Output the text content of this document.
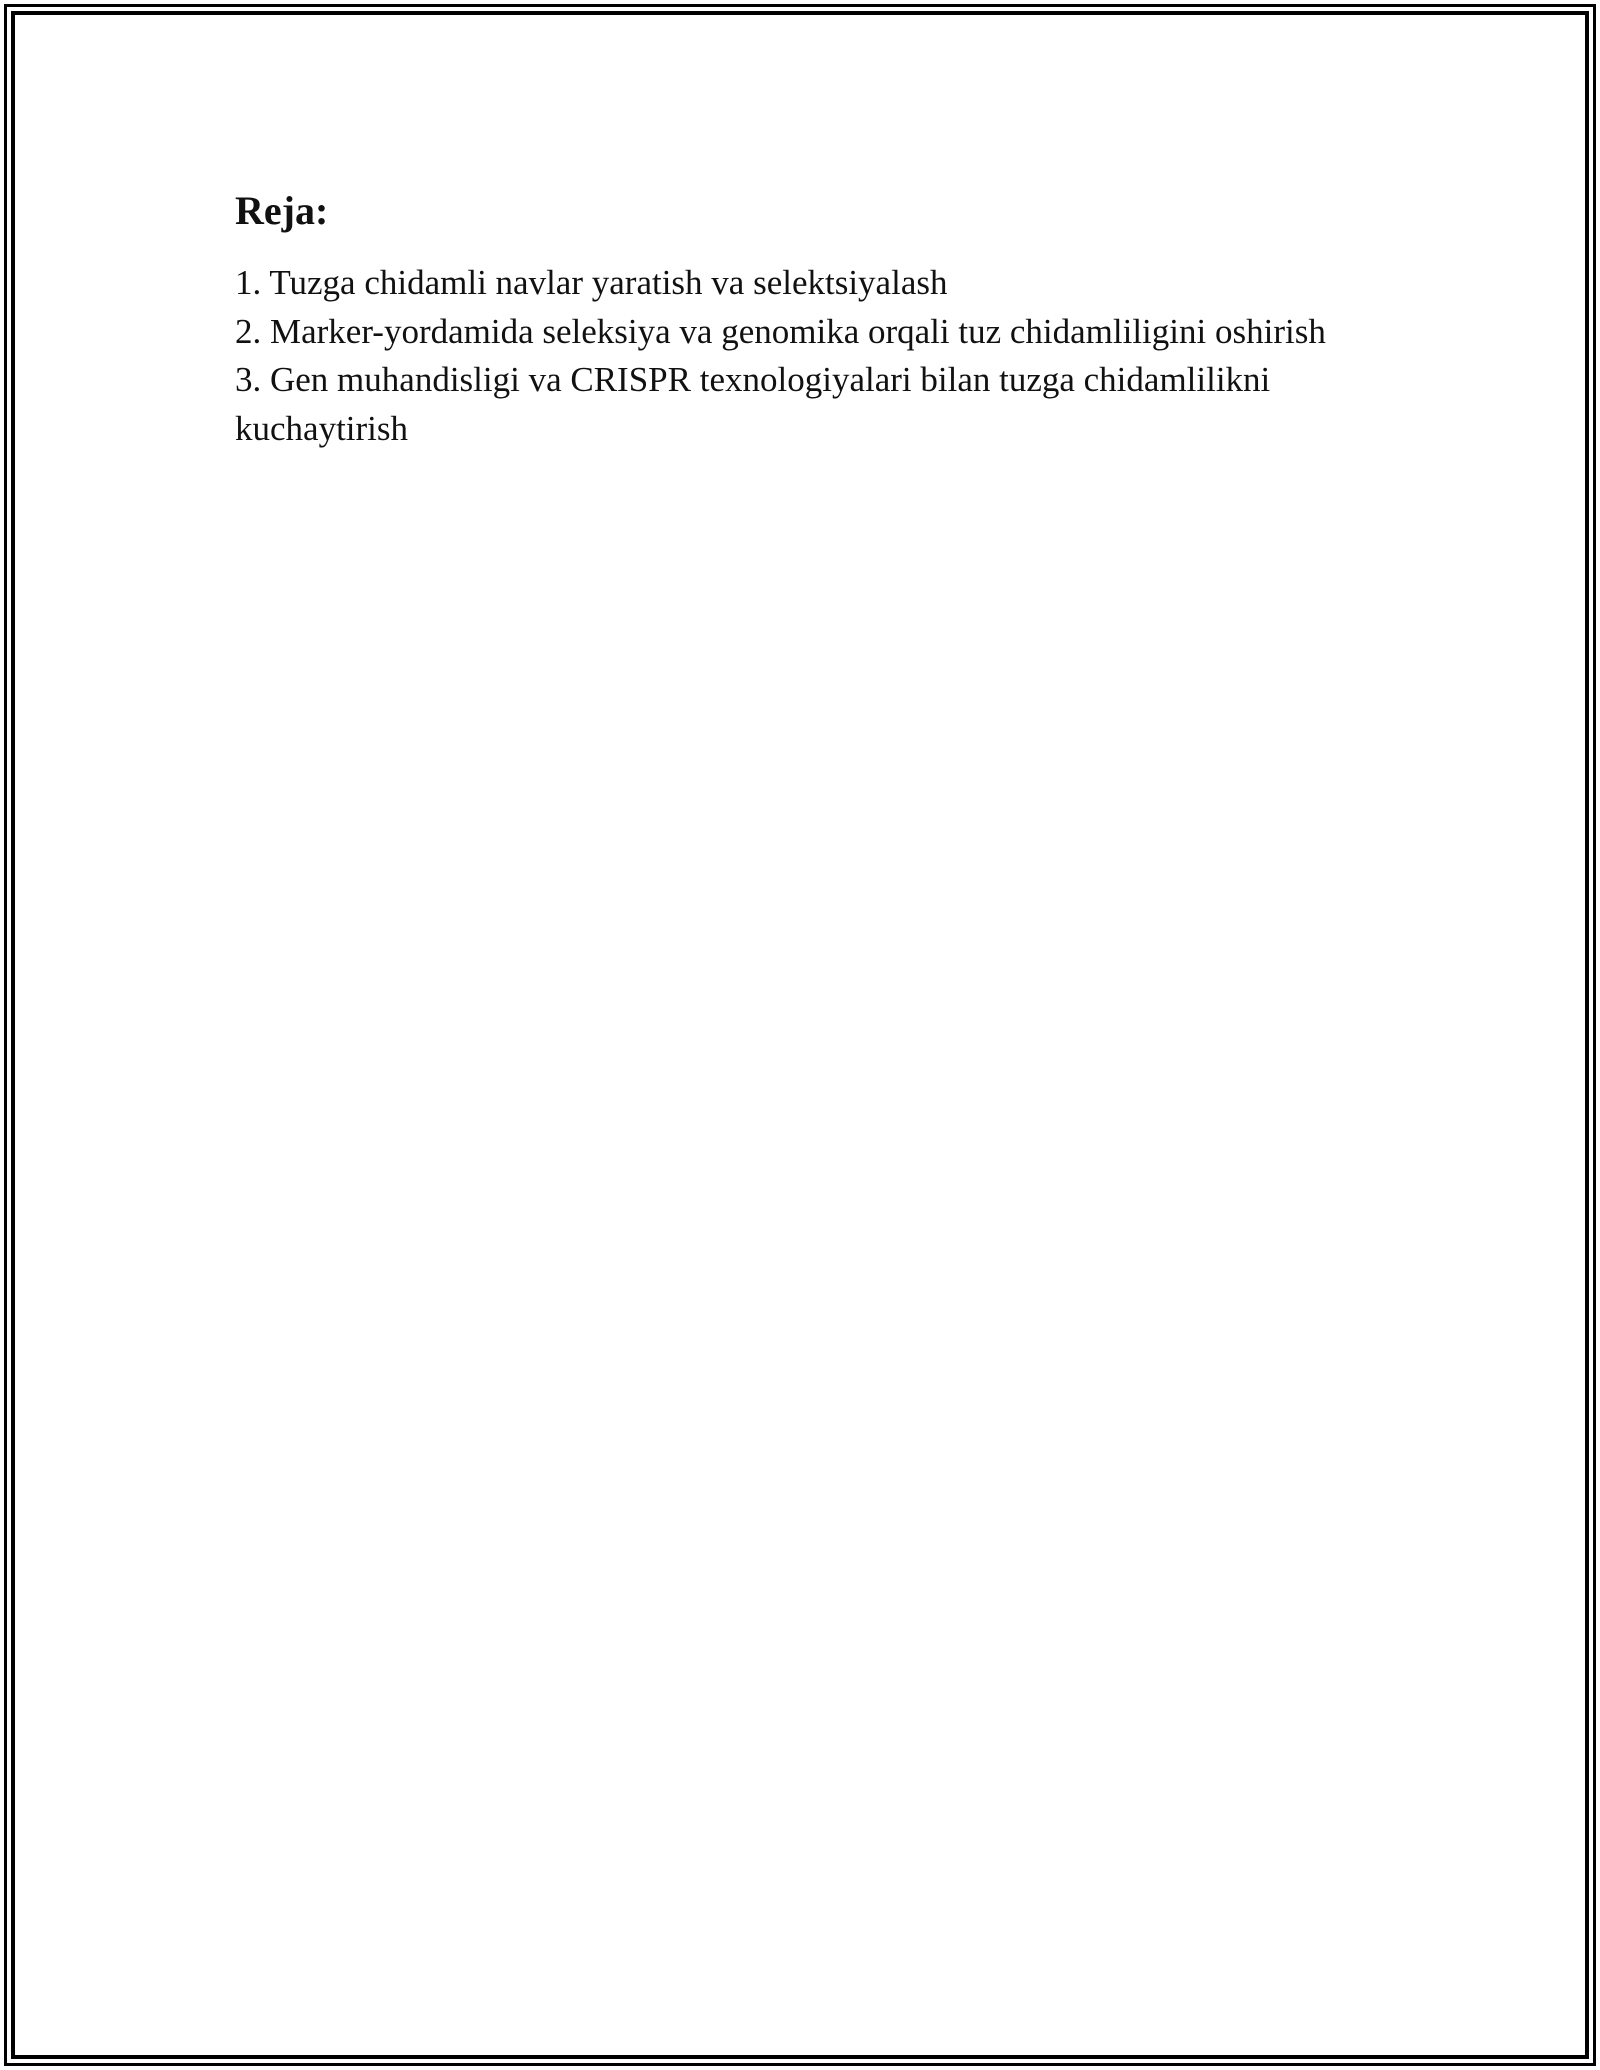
Reja:
1. Tuzga chidamli navlar yaratish va selektsiyalash
2. Marker-yordamida seleksiya va genomika orqali tuz chidamliligini oshirish
3. Gen muhandisligi va CRISPR texnologiyalari bilan tuzga chidamlilikni kuchaytirish
